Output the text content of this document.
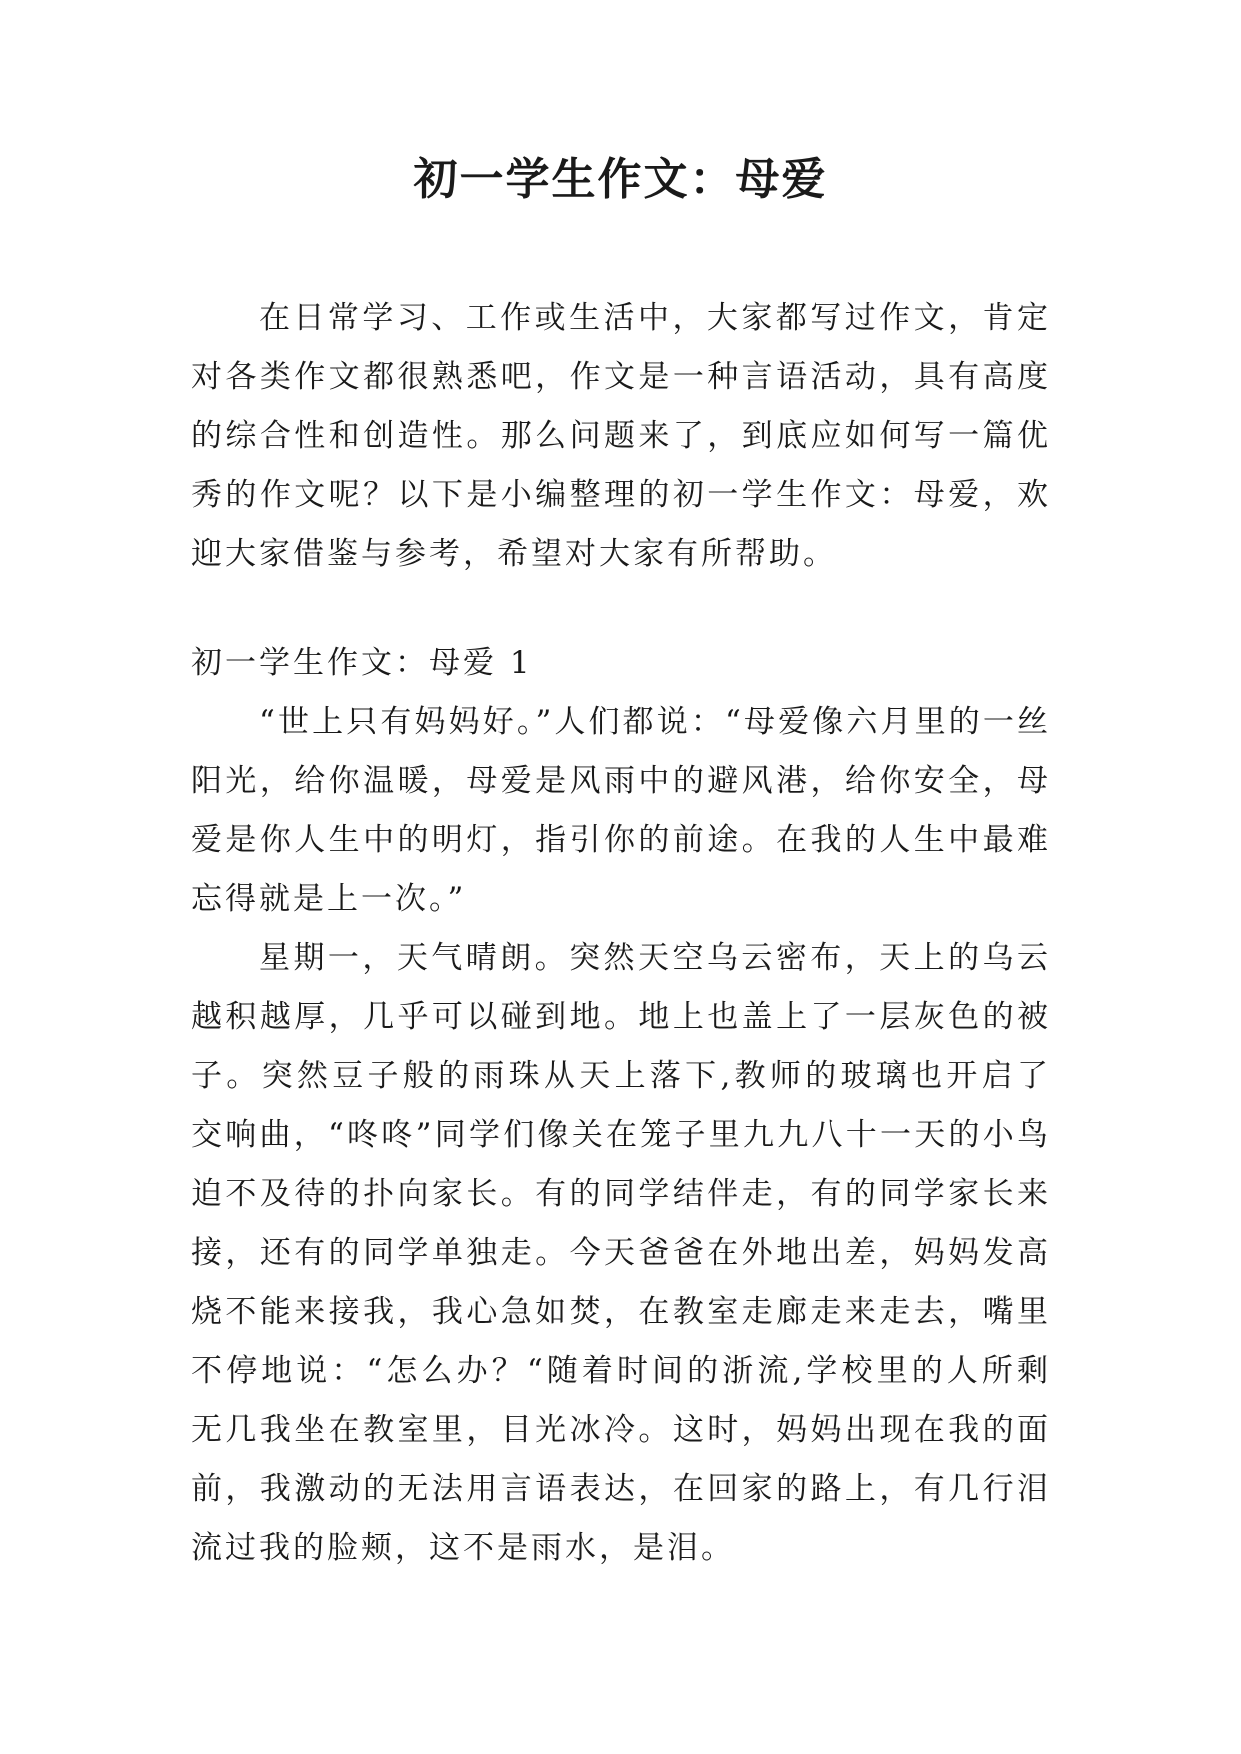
初一学生作文：母爱

在日常学习、工作或生活中，大家都写过作文，肯定对各类作文都很熟悉吧，作文是一种言语活动，具有高度的综合性和创造性。那么问题来了，到底应如何写一篇优秀的作文呢？以下是小编整理的初一学生作文：母爱，欢迎大家借鉴与参考，希望对大家有所帮助。

初一学生作文：母爱 1

“世上只有妈妈好。”人们都说：“母爱像六月里的一丝阳光，给你温暖，母爱是风雨中的避风港，给你安全，母爱是你人生中的明灯，指引你的前途。在我的人生中最难忘得就是上一次。”

星期一，天气晴朗。突然天空乌云密布，天上的乌云越积越厚，几乎可以碰到地。地上也盖上了一层灰色的被子。突然豆子般的雨珠从天上落下,教师的玻璃也开启了交响曲，“咚咚”同学们像关在笼子里九九八十一天的小鸟迫不及待的扑向家长。有的同学结伴走，有的同学家长来接，还有的同学单独走。今天爸爸在外地出差，妈妈发高烧不能来接我，我心急如焚，在教室走廊走来走去，嘴里不停地说：“怎么办？“随着时间的浙流,学校里的人所剩无几我坐在教室里，目光冰冷。这时，妈妈出现在我的面前，我激动的无法用言语表达，在回家的路上，有几行泪流过我的脸颊，这不是雨水，是泪。
